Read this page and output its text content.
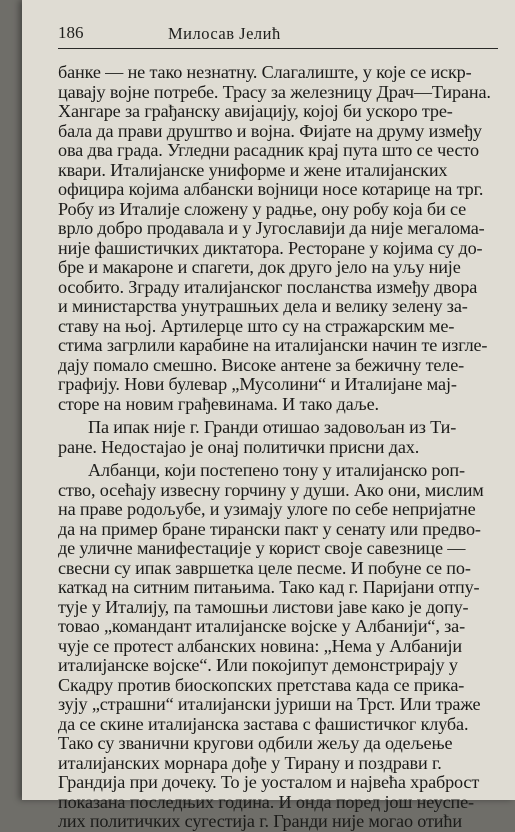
186	Милосав Јелић
банке — не тако незнатну. Слагалиште, у које се искр-
цавају војне потребе. Трасу за железницу Драч—Тирана.
Хангаре за грађанску авијацију, којој би ускоро тре-
бала да прави друштво и војна. Фијате на друму између
ова два града. Угледни расадник крај пута што се често
квари. Италијанске униформе и жене италијанских
официра којима албански војници носе котарице на трг.
Робу из Италије сложену у радње, ону робу која би се
врло добро продавала и у Југославији да није мегалома-
није фашистичких диктатора. Ресторане у којима су до-
бре и макароне и спагети, док друго јело на уљу није
особито. Зграду италијанског посланства између двора
и министарства унутрашњих дела и велику зелену за-
ставу на њој. Артилерце што су на стражарским ме-
стима загрлили карабине на италијански начин те изгле-
дају помало смешно. Високе антене за бежичну теле-
графију. Нови булевар „Мусолини“ и Италијане мај-
сторе на новим грађевинама. И тако даље.
Па ипак није г. Гранди отишао задовољан из Ти-
ране. Недостајао је онај политички присни дах.
Албанци, који постепено тону у италијанско роп-
ство, осећају извесну горчину у души. Ако они, мислим
на праве родољубе, и узимају улоге по себе непријатне
да на пример бране тирански пакт у сенату или предво-
де уличне манифестације у корист своје савезнице —
свесни су ипак завршетка целе песме. И побуне се по-
каткад на ситним питањима. Тако кад г. Паријани отпу-
тује у Италију, па тамошњи листови јаве како је допу-
товао „командант италијанске војске у Албанији“, за-
чује се протест албанских новина: „Нема у Албанији
италијанске војске“. Или покојипут демонстрирају у
Скадру против биоскопских претстава када се прика-
зују „страшни“ италијански јуриши на Трст. Или траже
да се скине италијанска застава с фашистичког клуба.
Тако су званични кругови одбили жељу да одељење
италијанских морнара дође у Тирану и поздрави г.
Грандија при дочеку. То је уосталом и највећа храброст
показана последњих година. И онда поред још неуспе-
лих политичких сугестија г. Гранди није могао отићи
